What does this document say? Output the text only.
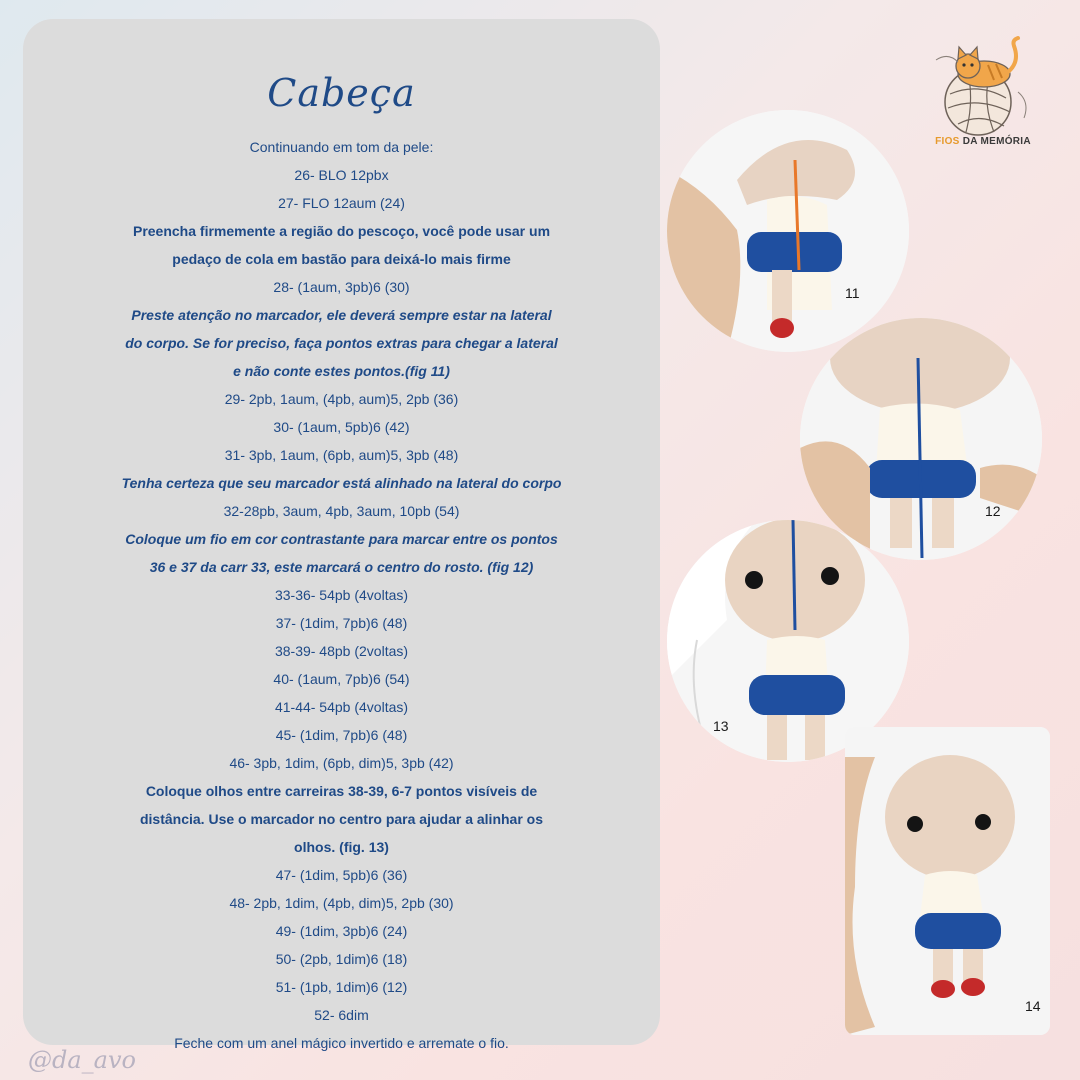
Cabeça
Continuando em tom da pele:
26- BLO 12pbx
27- FLO 12aum (24)
Preencha firmemente a região do pescoço, você pode usar um
pedaço de cola em bastão para deixá-lo mais firme
28- (1aum, 3pb)6 (30)
Preste atenção no marcador, ele deverá sempre estar na lateral
do corpo. Se for preciso, faça pontos extras para chegar a lateral
e não conte estes pontos.(fig 11)
29- 2pb, 1aum, (4pb, aum)5, 2pb (36)
30- (1aum, 5pb)6 (42)
31- 3pb, 1aum, (6pb, aum)5, 3pb (48)
Tenha certeza que seu marcador está alinhado na lateral do corpo
32-28pb, 3aum, 4pb, 3aum, 10pb (54)
Coloque um fio em cor contrastante para marcar entre os pontos
36 e 37 da carr 33, este marcará o centro do rosto. (fig 12)
33-36- 54pb (4voltas)
37- (1dim, 7pb)6 (48)
38-39- 48pb (2voltas)
40- (1aum, 7pb)6 (54)
41-44- 54pb (4voltas)
45- (1dim, 7pb)6 (48)
46- 3pb, 1dim, (6pb, dim)5, 3pb (42)
Coloque olhos entre carreiras 38-39, 6-7 pontos visíveis de
distância. Use o marcador no centro para ajudar a alinhar os
olhos. (fig. 13)
47- (1dim, 5pb)6 (36)
48- 2pb, 1dim, (4pb, dim)5, 2pb (30)
49- (1dim, 3pb)6 (24)
50- (2pb, 1dim)6 (18)
51- (1pb, 1dim)6 (12)
52- 6dim
Feche com um anel mágico invertido e arremate o fio.
FIOS DA MEMÓRIA
11
12
13
14
@da_avo
